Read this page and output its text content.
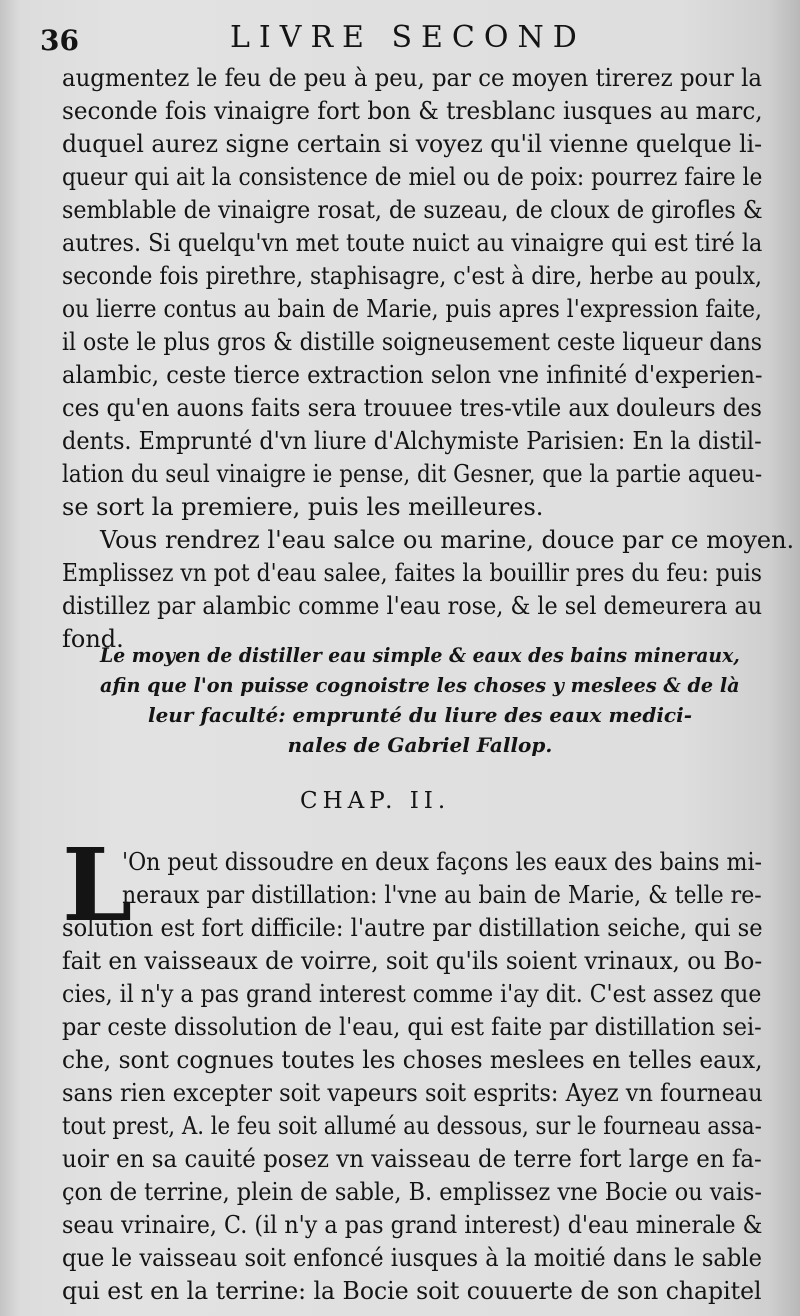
36	LIVRE SECOND
augmentez le feu de peu à peu, par ce moyen tirerez pour la
seconde fois vinaigre fort bon & tresblanc iusques au marc,
duquel aurez signe certain si voyez qu'il vienne quelque li-
queur qui ait la consistence de miel ou de poix: pourrez faire le
semblable de vinaigre rosat, de suzeau, de cloux de girofles &
autres. Si quelqu'vn met toute nuict au vinaigre qui est tiré la
seconde fois pirethre, staphisagre, c'est à dire, herbe au poulx,
ou lierre contus au bain de Marie, puis apres l'expression faite,
il oste le plus gros & distille soigneusement ceste liqueur dans
alambic, ceste tierce extraction selon vne infinité d'experien-
ces qu'en auons faits sera trouuee tres-vtile aux douleurs des
dents. Emprunté d'vn liure d'Alchymiste Parisien: En la distil-
lation du seul vinaigre ie pense, dit Gesner, que la partie aqueu-
se sort la premiere, puis les meilleures.
Vous rendrez l'eau salce ou marine, douce par ce moyen.
Emplissez vn pot d'eau salee, faites la bouillir pres du feu: puis
distillez par alambic comme l'eau rose, & le sel demeurera au
fond.
Le moyen de distiller eau simple & eaux des bains mineraux,
afin que l'on puisse cognoistre les choses y meslees & de là
leur faculté: emprunté du liure des eaux medici-
nales de Gabriel Fallop.
CHAP. II.
L
'On peut dissoudre en deux façons les eaux des bains mi-
neraux par distillation: l'vne au bain de Marie, & telle re-
solution est fort difficile: l'autre par distillation seiche, qui se
fait en vaisseaux de voirre, soit qu'ils soient vrinaux, ou Bo-
cies, il n'y a pas grand interest comme i'ay dit. C'est assez que
par ceste dissolution de l'eau, qui est faite par distillation sei-
che, sont cognues toutes les choses meslees en telles eaux,
sans rien excepter soit vapeurs soit esprits: Ayez vn fourneau
tout prest, A. le feu soit allumé au dessous, sur le fourneau assa-
uoir en sa cauité posez vn vaisseau de terre fort large en fa-
çon de terrine, plein de sable, B. emplissez vne Bocie ou vais-
seau vrinaire, C. (il n'y a pas grand interest) d'eau minerale &
que le vaisseau soit enfoncé iusques à la moitié dans le sable
qui est en la terrine: la Bocie soit couuerte de son chapitel
